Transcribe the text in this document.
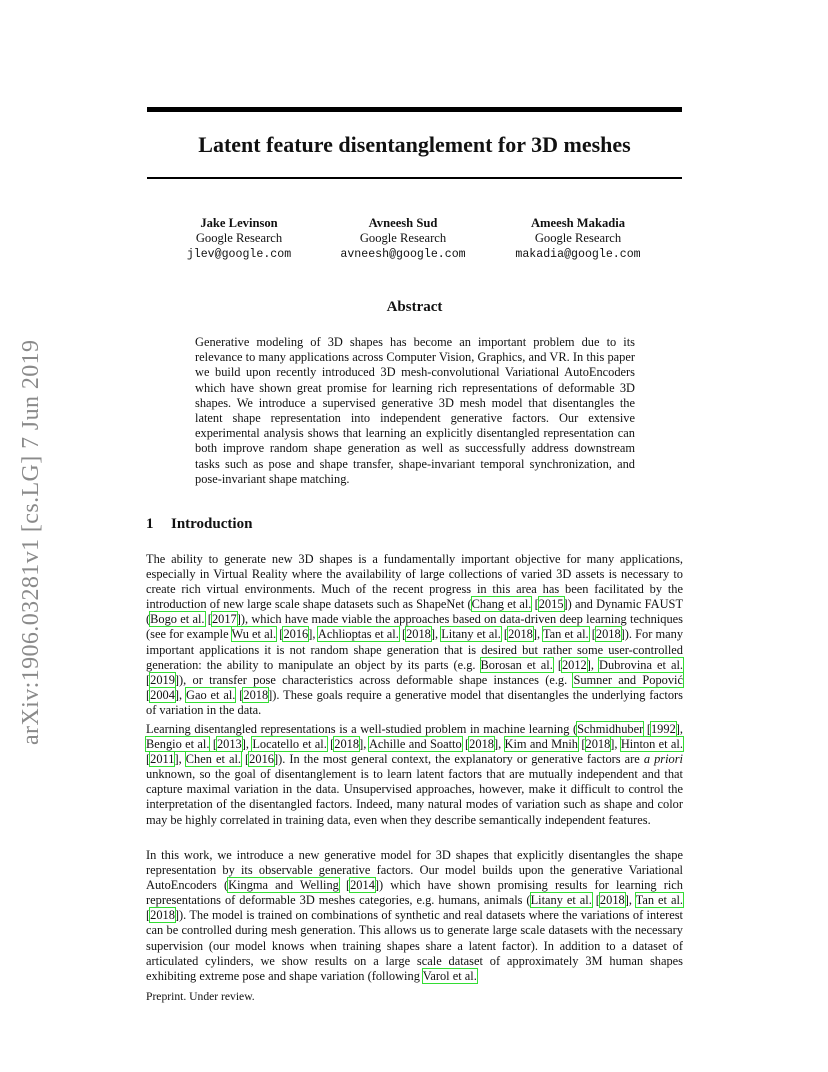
arXiv:1906.03281v1 [cs.LG] 7 Jun 2019
Latent feature disentanglement for 3D meshes
Jake Levinson
Google Research
jlev@google.com
Avneesh Sud
Google Research
avneesh@google.com
Ameesh Makadia
Google Research
makadia@google.com
Abstract

Generative modeling of 3D shapes has become an important problem due to its relevance to many applications across Computer Vision, Graphics, and VR. In this paper we build upon recently introduced 3D mesh-convolutional Variational AutoEncoders which have shown great promise for learning rich representations of deformable 3D shapes. We introduce a supervised generative 3D mesh model that disentangles the latent shape representation into independent generative factors. Our extensive experimental analysis shows that learning an explicitly disentangled representation can both improve random shape generation as well as successfully address downstream tasks such as pose and shape transfer, shape-invariant temporal synchronization, and pose-invariant shape matching.

1 Introduction

The ability to generate new 3D shapes is a fundamentally important objective for many applications, especially in Virtual Reality where the availability of large collections of varied 3D assets is necessary to create rich virtual environments. Much of the recent progress in this area has been facilitated by the introduction of new large scale shape datasets such as ShapeNet (Chang et al. [2015]) and Dynamic FAUST (Bogo et al. [2017]), which have made viable the approaches based on data-driven deep learning techniques (see for example Wu et al. [2016], Achlioptas et al. [2018], Litany et al. [2018], Tan et al. [2018]). For many important applications it is not random shape generation that is desired but rather some user-controlled generation: the ability to manipulate an object by its parts (e.g. Borosan et al. [2012], Dubrovina et al. [2019]), or transfer pose characteristics across deformable shape instances (e.g. Sumner and Popović [2004], Gao et al. [2018]). These goals require a generative model that disentangles the underlying factors of variation in the data.

Learning disentangled representations is a well-studied problem in machine learning (Schmidhuber [1992], Bengio et al. [2013], Locatello et al. [2018], Achille and Soatto [2018], Kim and Mnih [2018], Hinton et al. [2011], Chen et al. [2016]). In the most general context, the explanatory or generative factors are a priori unknown, so the goal of disentanglement is to learn latent factors that are mutually independent and that capture maximal variation in the data. Unsupervised approaches, however, make it difficult to control the interpretation of the disentangled factors. Indeed, many natural modes of variation such as shape and color may be highly correlated in training data, even when they describe semantically independent features.

In this work, we introduce a new generative model for 3D shapes that explicitly disentangles the shape representation by its observable generative factors. Our model builds upon the generative Variational AutoEncoders (Kingma and Welling [2014]) which have shown promising results for learning rich representations of deformable 3D meshes categories, e.g. humans, animals (Litany et al. [2018], Tan et al. [2018]). The model is trained on combinations of synthetic and real datasets where the variations of interest can be controlled during mesh generation. This allows us to generate large scale datasets with the necessary supervision (our model knows when training shapes share a latent factor). In addition to a dataset of articulated cylinders, we show results on a large scale dataset of approximately 3M human shapes exhibiting extreme pose and shape variation (following Varol et al.

Preprint. Under review.
